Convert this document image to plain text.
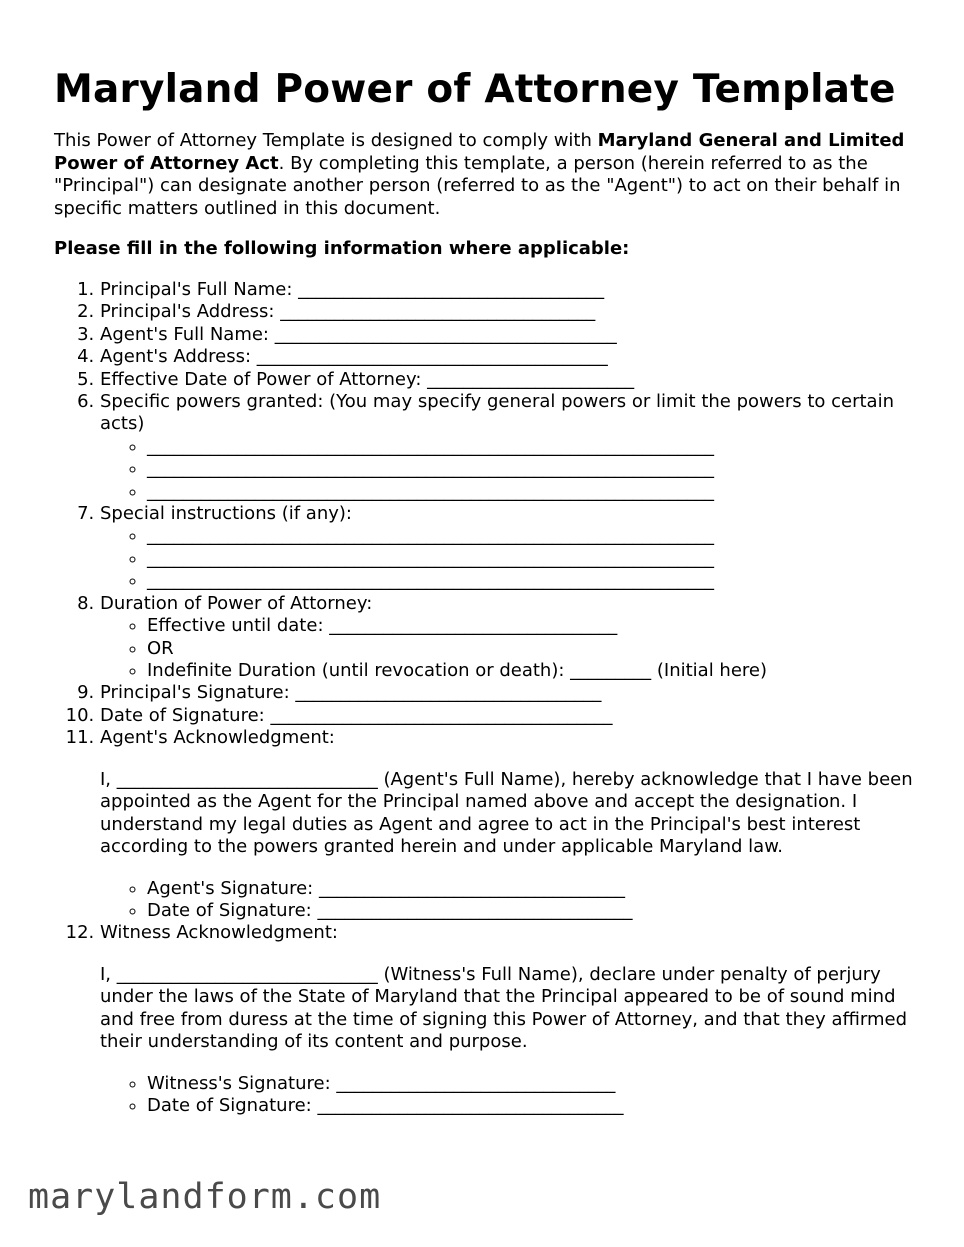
Maryland Power of Attorney Template

This Power of Attorney Template is designed to comply with Maryland General and Limited Power of Attorney Act. By completing this template, a person (herein referred to as the "Principal") can designate another person (referred to as the "Agent") to act on their behalf in specific matters outlined in this document.

Please fill in the following information where applicable:

1. Principal's Full Name: __________________________________
2. Principal's Address: ___________________________________
3. Agent's Full Name: ______________________________________
4. Agent's Address: _______________________________________
5. Effective Date of Power of Attorney: _______________________
6. Specific powers granted: (You may specify general powers or limit the powers to certain acts)
◦ _______________________________________________________________
◦ _______________________________________________________________
◦ _______________________________________________________________
7. Special instructions (if any):
◦ _______________________________________________________________
◦ _______________________________________________________________
◦ _______________________________________________________________
8. Duration of Power of Attorney:
◦ Effective until date: ________________________________
◦ OR
◦ Indefinite Duration (until revocation or death): _________ (Initial here)
9. Principal's Signature: __________________________________
10. Date of Signature: ______________________________________
11. Agent's Acknowledgment:
I, _____________________________ (Agent's Full Name), hereby acknowledge that I have been appointed as the Agent for the Principal named above and accept the designation. I understand my legal duties as Agent and agree to act in the Principal's best interest according to the powers granted herein and under applicable Maryland law.
◦ Agent's Signature: __________________________________
◦ Date of Signature: ___________________________________
12. Witness Acknowledgment:
I, _____________________________ (Witness's Full Name), declare under penalty of perjury under the laws of the State of Maryland that the Principal appeared to be of sound mind and free from duress at the time of signing this Power of Attorney, and that they affirmed their understanding of its content and purpose.
◦ Witness's Signature: _______________________________
◦ Date of Signature: __________________________________
marylandform.com
